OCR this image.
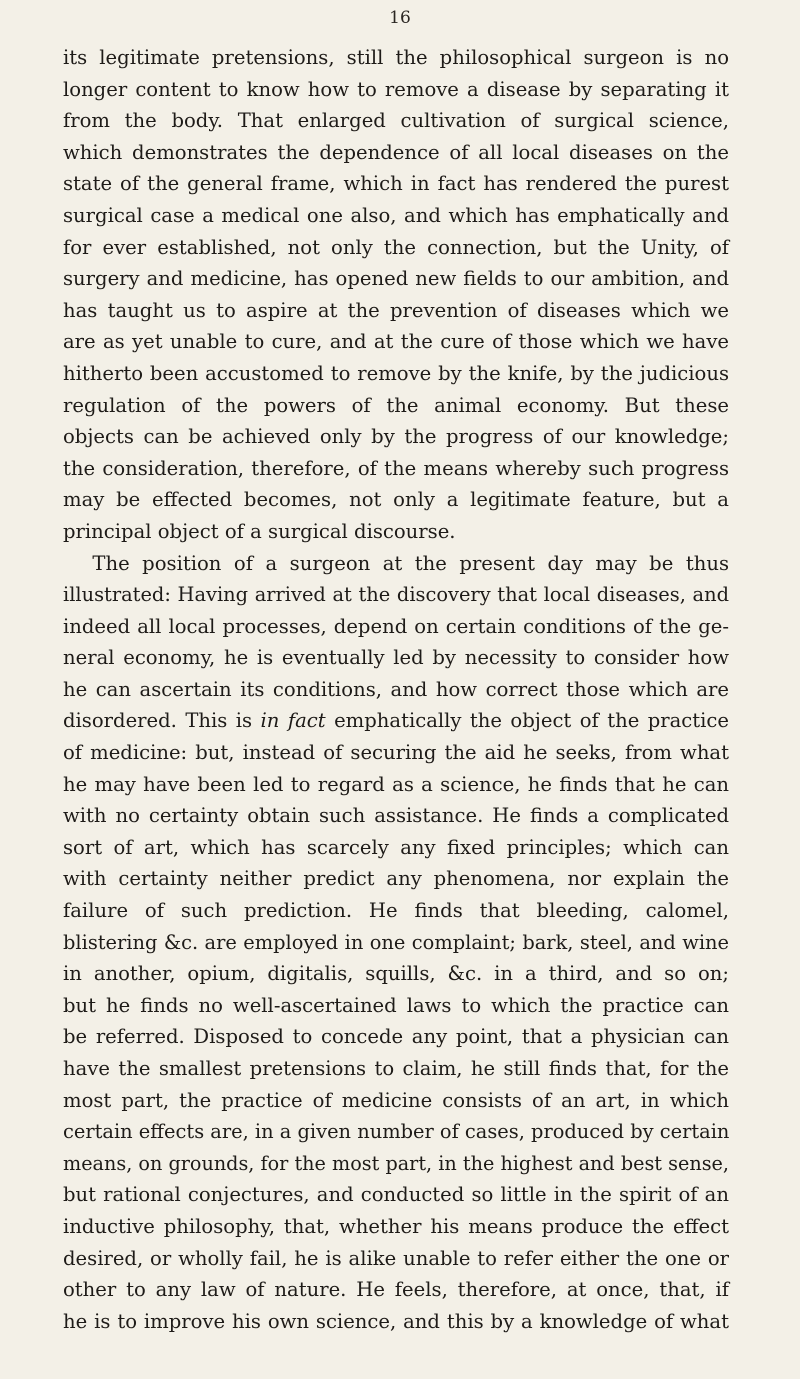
16
its legitimate pretensions, still the philosophical surgeon is no
longer content to know how to remove a disease by separating it
from the body. That enlarged cultivation of surgical science,
which demonstrates the dependence of all local diseases on the
state of the general frame, which in fact has rendered the purest
surgical case a medical one also, and which has emphatically and
for ever established, not only the connection, but the Unity, of
surgery and medicine, has opened new fields to our ambition, and
has taught us to aspire at the prevention of diseases which we
are as yet unable to cure, and at the cure of those which we have
hitherto been accustomed to remove by the knife, by the judicious
regulation of the powers of the animal economy. But these
objects can be achieved only by the progress of our knowledge;
the consideration, therefore, of the means whereby such progress
may be effected becomes, not only a legitimate feature, but a
principal object of a surgical discourse.
The position of a surgeon at the present day may be thus
illustrated: Having arrived at the discovery that local diseases, and
indeed all local processes, depend on certain conditions of the ge-
neral economy, he is eventually led by necessity to consider how
he can ascertain its conditions, and how correct those which are
disordered. This is in fact emphatically the object of the practice
of medicine: but, instead of securing the aid he seeks, from what
he may have been led to regard as a science, he finds that he can
with no certainty obtain such assistance. He finds a complicated
sort of art, which has scarcely any fixed principles; which can
with certainty neither predict any phenomena, nor explain the
failure of such prediction. He finds that bleeding, calomel,
blistering &c. are employed in one complaint; bark, steel, and wine
in another, opium, digitalis, squills, &c. in a third, and so on;
but he finds no well-ascertained laws to which the practice can
be referred. Disposed to concede any point, that a physician can
have the smallest pretensions to claim, he still finds that, for the
most part, the practice of medicine consists of an art, in which
certain effects are, in a given number of cases, produced by certain
means, on grounds, for the most part, in the highest and best sense,
but rational conjectures, and conducted so little in the spirit of an
inductive philosophy, that, whether his means produce the effect
desired, or wholly fail, he is alike unable to refer either the one or
other to any law of nature. He feels, therefore, at once, that, if
he is to improve his own science, and this by a knowledge of what
